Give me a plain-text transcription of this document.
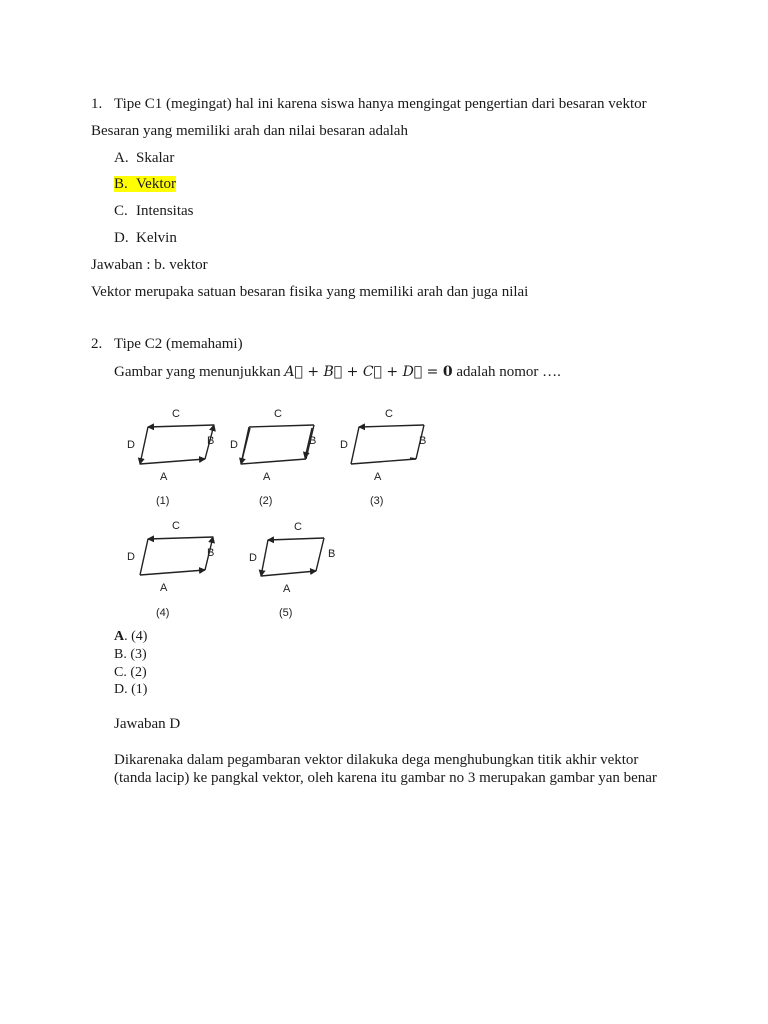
1. Tipe C1 (megingat) hal ini karena siswa hanya mengingat pengertian dari besaran vektor
Besaran yang memiliki arah dan nilai besaran adalah
A. Skalar
B. Vektor
C. Intensitas
D. Kelvin
Jawaban : b. vektor
Vektor merupaka satuan besaran fisika yang memiliki arah dan juga nilai
2. Tipe C2 (memahami)
Gambar yang menunjukkan A⃗ + B⃗ + C⃗ + D⃗ = 0 adalah nomor ….
C
B
D
A
(1)
C
B
D
A
(2)
C
B
D
A
(3)
C
B
D
A
(4)
C
B
D
A
(5)
A. (4)
B. (3)
C. (2)
D. (1)
Jawaban D
Dikarenaka dalam pegambaran vektor dilakuka dega menghubungkan titik akhir vektor
(tanda lacip) ke pangkal vektor, oleh karena itu gambar no 3 merupakan gambar yan benar
